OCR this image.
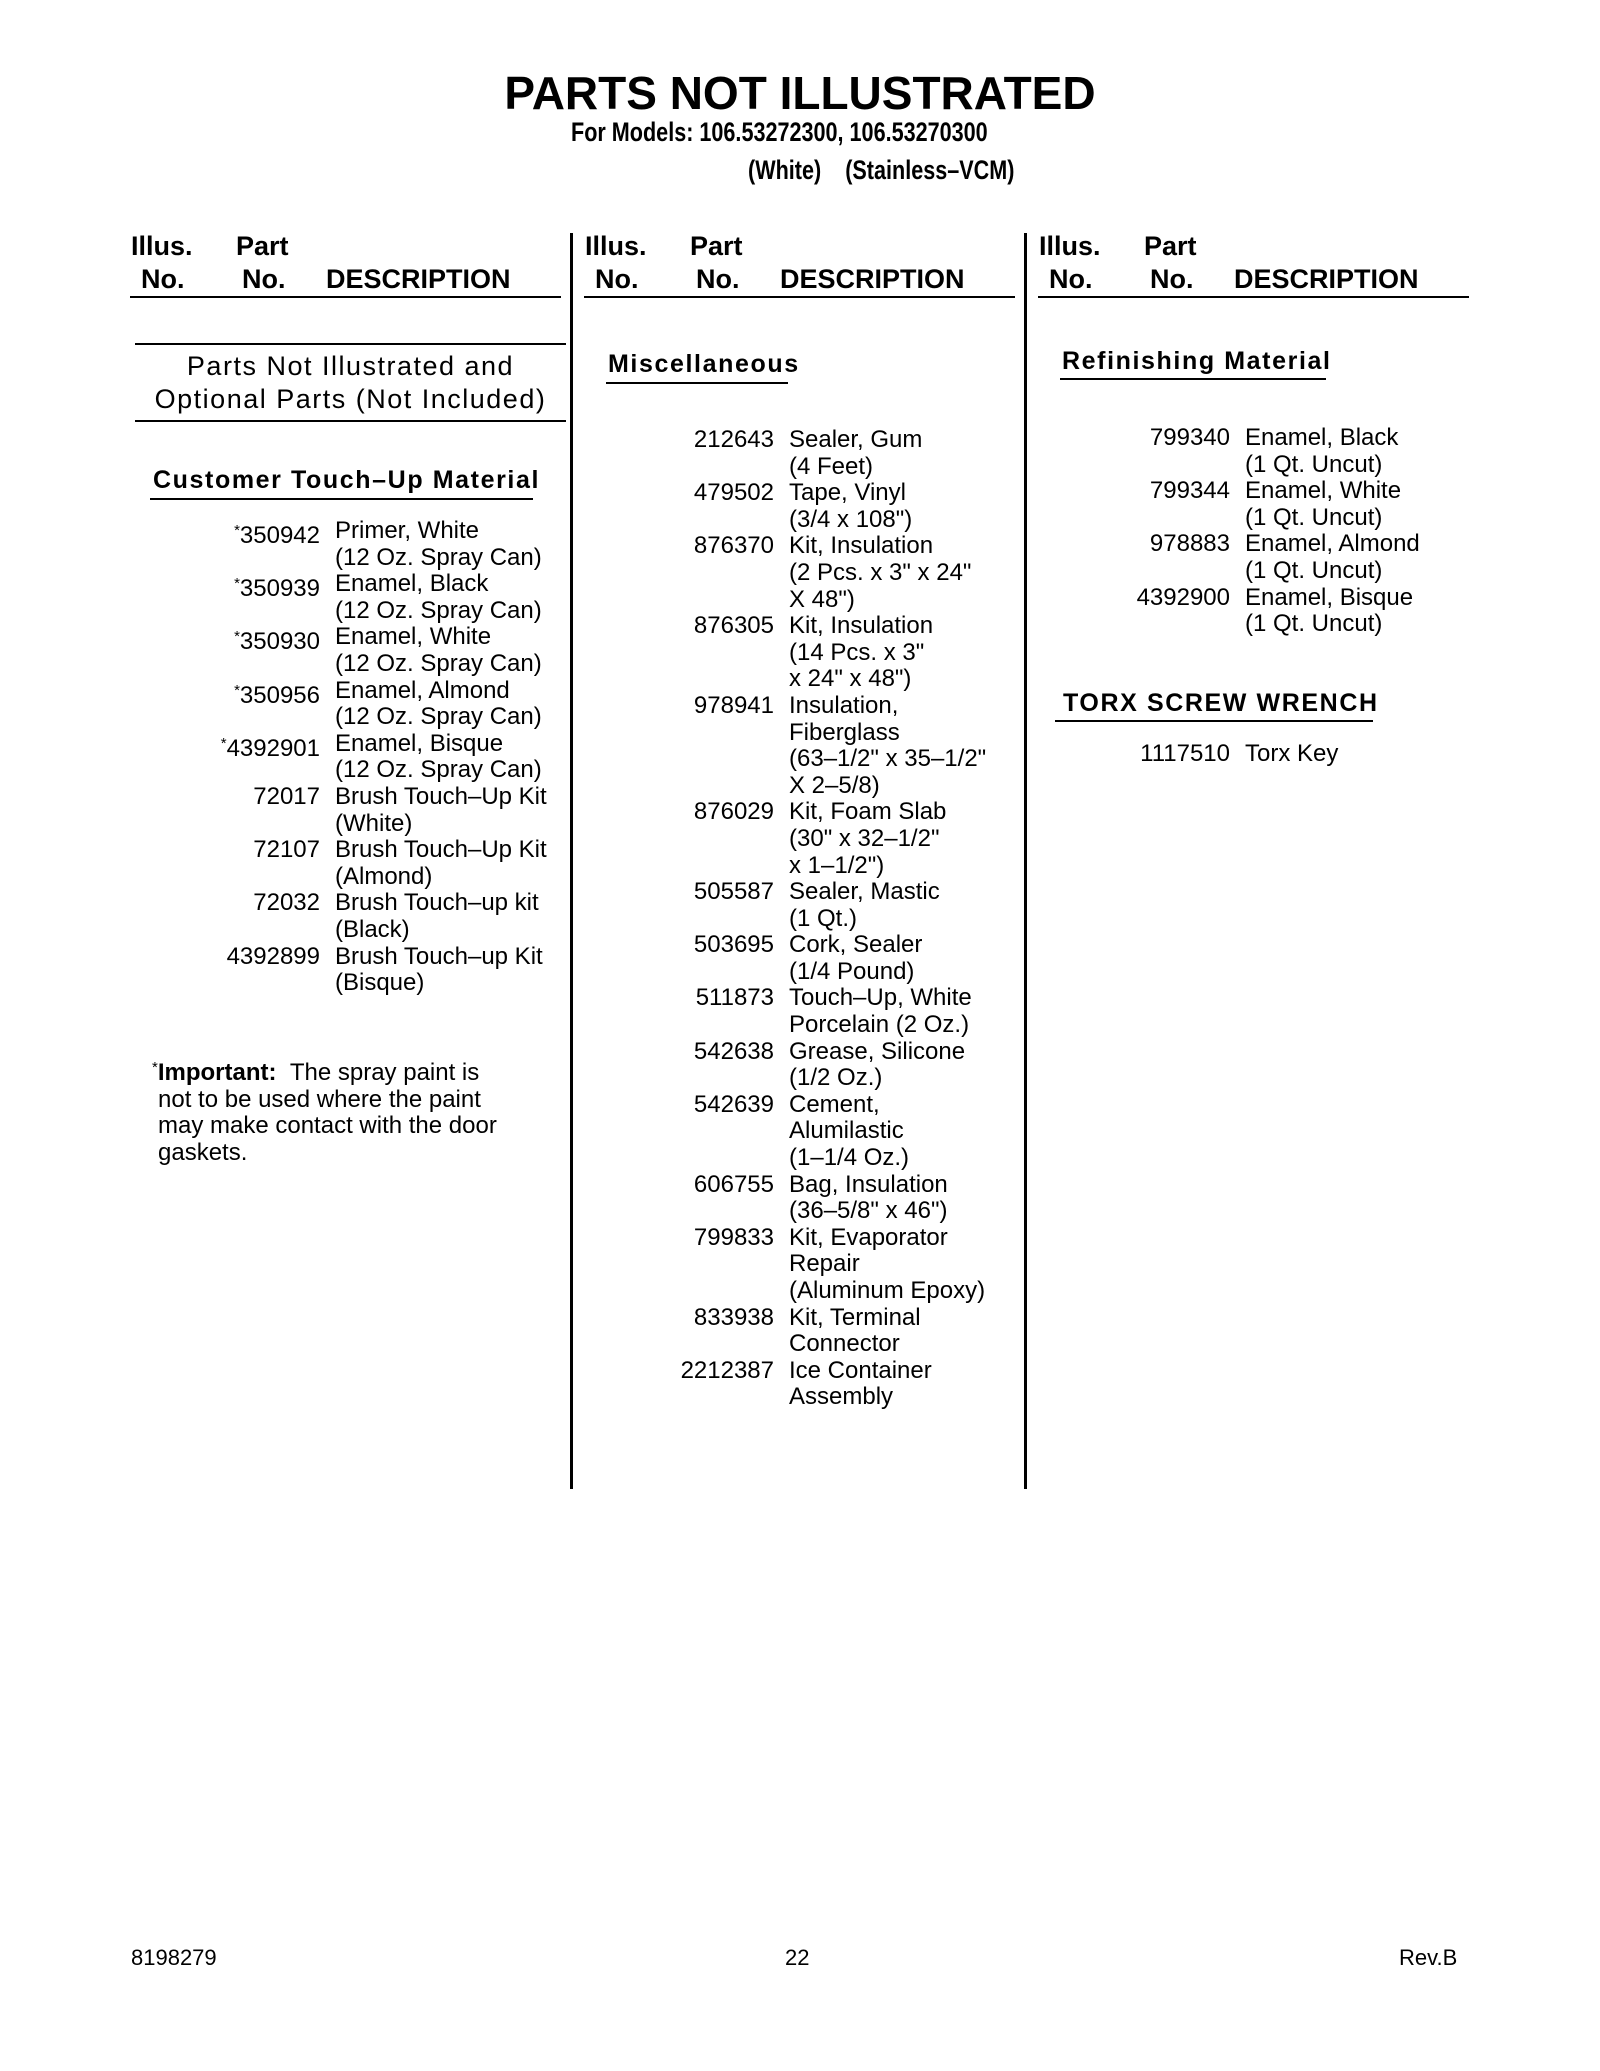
PARTS NOT ILLUSTRATED
For Models: 106.53272300, 106.53270300
(White) (Stainless–VCM)
Illus. Part
No. No. DESCRIPTION
Illus. Part
No. No. DESCRIPTION
Illus. Part
No. No. DESCRIPTION
Parts Not Illustrated and
Optional Parts (Not Included)
Customer Touch–Up Material
*350942 Primer, White
(12 Oz. Spray Can)
*350939 Enamel, Black
(12 Oz. Spray Can)
*350930 Enamel, White
(12 Oz. Spray Can)
*350956 Enamel, Almond
(12 Oz. Spray Can)
*4392901 Enamel, Bisque
(12 Oz. Spray Can)
72017 Brush Touch–Up Kit
(White)
72107 Brush Touch–Up Kit
(Almond)
72032 Brush Touch–up kit
(Black)
4392899 Brush Touch–up Kit
(Bisque)
*Important: The spray paint is
not to be used where the paint
may make contact with the door
gaskets.
Miscellaneous
212643 Sealer, Gum
(4 Feet)
479502 Tape, Vinyl
(3/4 x 108")
876370 Kit, Insulation
(2 Pcs. x 3" x 24"
X 48")
876305 Kit, Insulation
(14 Pcs. x 3"
x 24" x 48")
978941 Insulation,
Fiberglass
(63–1/2" x 35–1/2"
X 2–5/8)
876029 Kit, Foam Slab
(30" x 32–1/2"
x 1–1/2")
505587 Sealer, Mastic
(1 Qt.)
503695 Cork, Sealer
(1/4 Pound)
511873 Touch–Up, White
Porcelain (2 Oz.)
542638 Grease, Silicone
(1/2 Oz.)
542639 Cement,
Alumilastic
(1–1/4 Oz.)
606755 Bag, Insulation
(36–5/8" x 46")
799833 Kit, Evaporator
Repair
(Aluminum Epoxy)
833938 Kit, Terminal
Connector
2212387 Ice Container
Assembly
Refinishing Material
799340 Enamel, Black
(1 Qt. Uncut)
799344 Enamel, White
(1 Qt. Uncut)
978883 Enamel, Almond
(1 Qt. Uncut)
4392900 Enamel, Bisque
(1 Qt. Uncut)
TORX SCREW WRENCH
1117510 Torx Key
8198279	22	Rev.B
